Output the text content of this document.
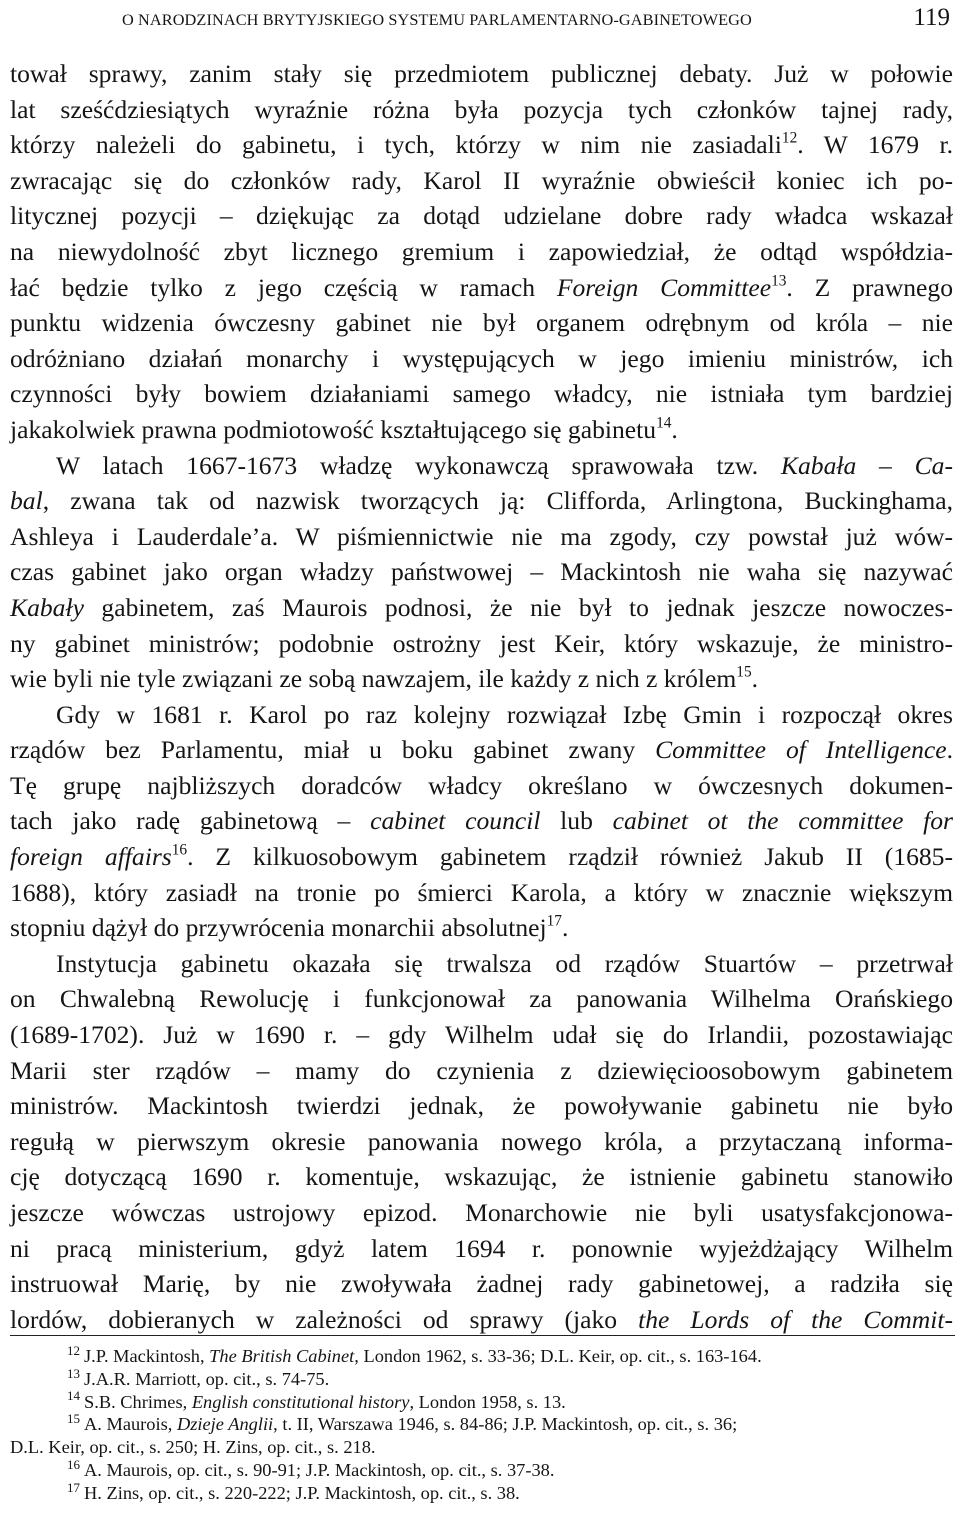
O NARODZINACH BRYTYJSKIEGO SYSTEMU PARLAMENTARNO-GABINETOWEGO	119

tował sprawy, zanim stały się przedmiotem publicznej debaty. Już w połowie

lat sześćdziesiątych wyraźnie różna była pozycja tych członków tajnej rady,

którzy należeli do gabinetu, i tych, którzy w nim nie zasiadali$^{12}$. W 1679 r.

zwracając się do członków rady, Karol II wyraźnie obwieścił koniec ich po-

litycznej pozycji – dziękując za dotąd udzielane dobre rady władca wskazał

na niewydolność zbyt licznego gremium i zapowiedział, że odtąd współdzia-

łać będzie tylko z jego częścią w ramach Foreign Committee$^{13}$. Z prawnego

punktu widzenia ówczesny gabinet nie był organem odrębnym od króla – nie

odróżniano działań monarchy i występujących w jego imieniu ministrów, ich

czynności były bowiem działaniami samego władcy, nie istniała tym bardziej

jakakolwiek prawna podmiotowość kształtującego się gabinetu$^{14}$.

W latach 1667-1673 władzę wykonawczą sprawowała tzw. Kabała – Ca-

bal, zwana tak od nazwisk tworzących ją: Clifforda, Arlingtona, Buckinghama,

Ashleya i Lauderdale’a. W piśmiennictwie nie ma zgody, czy powstał już wów-

czas gabinet jako organ władzy państwowej – Mackintosh nie waha się nazywać

Kabały gabinetem, zaś Maurois podnosi, że nie był to jednak jeszcze nowoczes-

ny gabinet ministrów; podobnie ostrożny jest Keir, który wskazuje, że ministro-

wie byli nie tyle związani ze sobą nawzajem, ile każdy z nich z królem$^{15}$.

Gdy w 1681 r. Karol po raz kolejny rozwiązał Izbę Gmin i rozpoczął okres

rządów bez Parlamentu, miał u boku gabinet zwany Committee of Intelligence.

Tę grupę najbliższych doradców władcy określano w ówczesnych dokumen-

tach jako radę gabinetową – cabinet council lub cabinet ot the committee for

foreign affairs$^{16}$. Z kilkuosobowym gabinetem rządził również Jakub II (1685-

1688), który zasiadł na tronie po śmierci Karola, a który w znacznie większym

stopniu dążył do przywrócenia monarchii absolutnej$^{17}$.

Instytucja gabinetu okazała się trwalsza od rządów Stuartów – przetrwał

on Chwalebną Rewolucję i funkcjonował za panowania Wilhelma Orańskiego

(1689-1702). Już w 1690 r. – gdy Wilhelm udał się do Irlandii, pozostawiając

Marii ster rządów – mamy do czynienia z dziewięcioosobowym gabinetem

ministrów. Mackintosh twierdzi jednak, że powoływanie gabinetu nie było

regułą w pierwszym okresie panowania nowego króla, a przytaczaną informa-

cję dotyczącą 1690 r. komentuje, wskazując, że istnienie gabinetu stanowiło

jeszcze wówczas ustrojowy epizod. Monarchowie nie byli usatysfakcjonowa-

ni pracą ministerium, gdyż latem 1694 r. ponownie wyjeżdżający Wilhelm

instruował Marię, by nie zwoływała żadnej rady gabinetowej, a radziła się

lordów, dobieranych w zależności od sprawy (jako the Lords of the Commit-

12 J.P. Mackintosh, The British Cabinet, London 1962, s. 33-36; D.L. Keir, op. cit., s. 163-164.

13 J.A.R. Marriott, op. cit., s. 74-75.

14 S.B. Chrimes, English constitutional history, London 1958, s. 13.

15 A. Maurois, Dzieje Anglii, t. II, Warszawa 1946, s. 84-86; J.P. Mackintosh, op. cit., s. 36;

D.L. Keir, op. cit., s. 250; H. Zins, op. cit., s. 218.

16 A. Maurois, op. cit., s. 90-91; J.P. Mackintosh, op. cit., s. 37-38.

17 H. Zins, op. cit., s. 220-222; J.P. Mackintosh, op. cit., s. 38.
